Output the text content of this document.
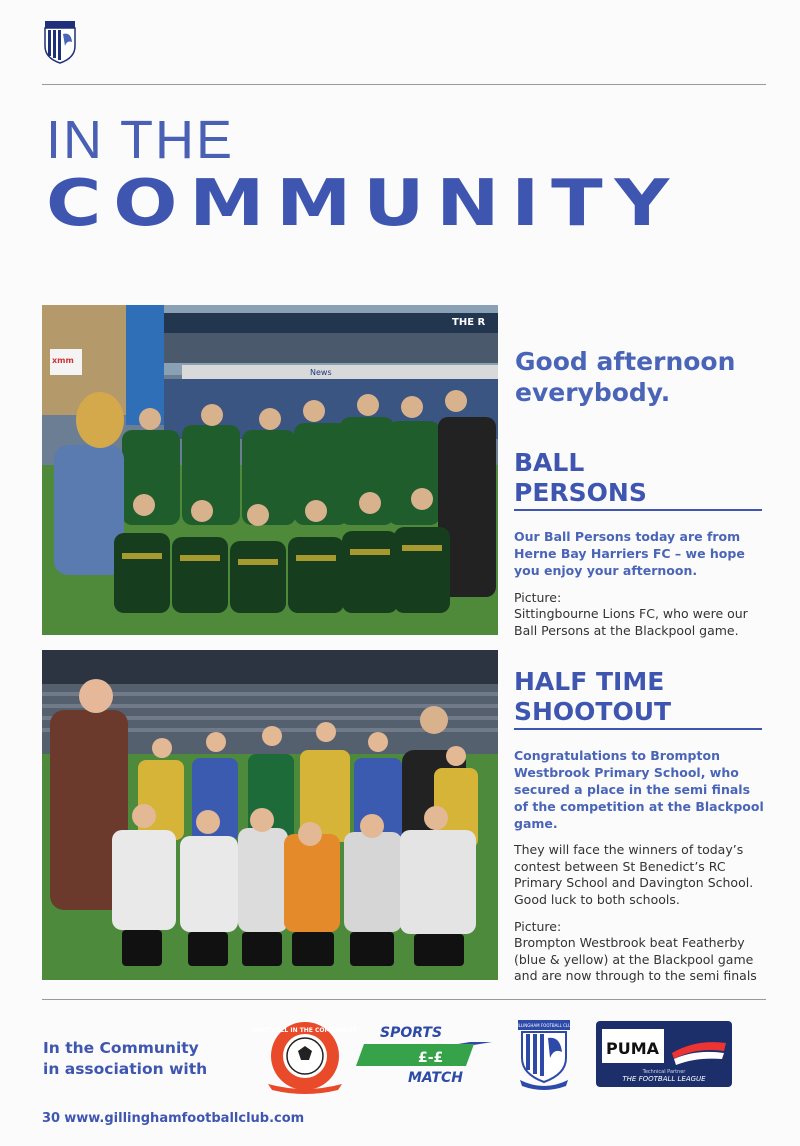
IN THE
COMMUNITY
THE R
News
xmm	Good afternoon everybody.
BALL PERSONS
Our Ball Persons today are from Herne Bay Harriers FC – we hope you enjoy your afternoon.
Picture:
Sittingbourne Lions FC, who were our Ball Persons at the Blackpool game.
HALF TIME SHOOTOUT
Congratulations to Brompton Westbrook Primary School, who secured a place in the semi finals of the competition at the Blackpool game.
They will face the winners of today’s contest between St Benedict’s RC Primary School and Davington School. Good luck to both schools.
Picture:
Brompton Westbrook beat Featherby (blue & yellow) at the Blackpool game and are now through to the semi finals
In the Community
in association with
FOOTBALL IN THE COMMUNITY SPORTS
£-£
MATCH
GILLINGHAM FOOTBALL CLUB
PUMA
Technical Partner
THE FOOTBALL LEAGUE
30 www.gillinghamfootballclub.com
